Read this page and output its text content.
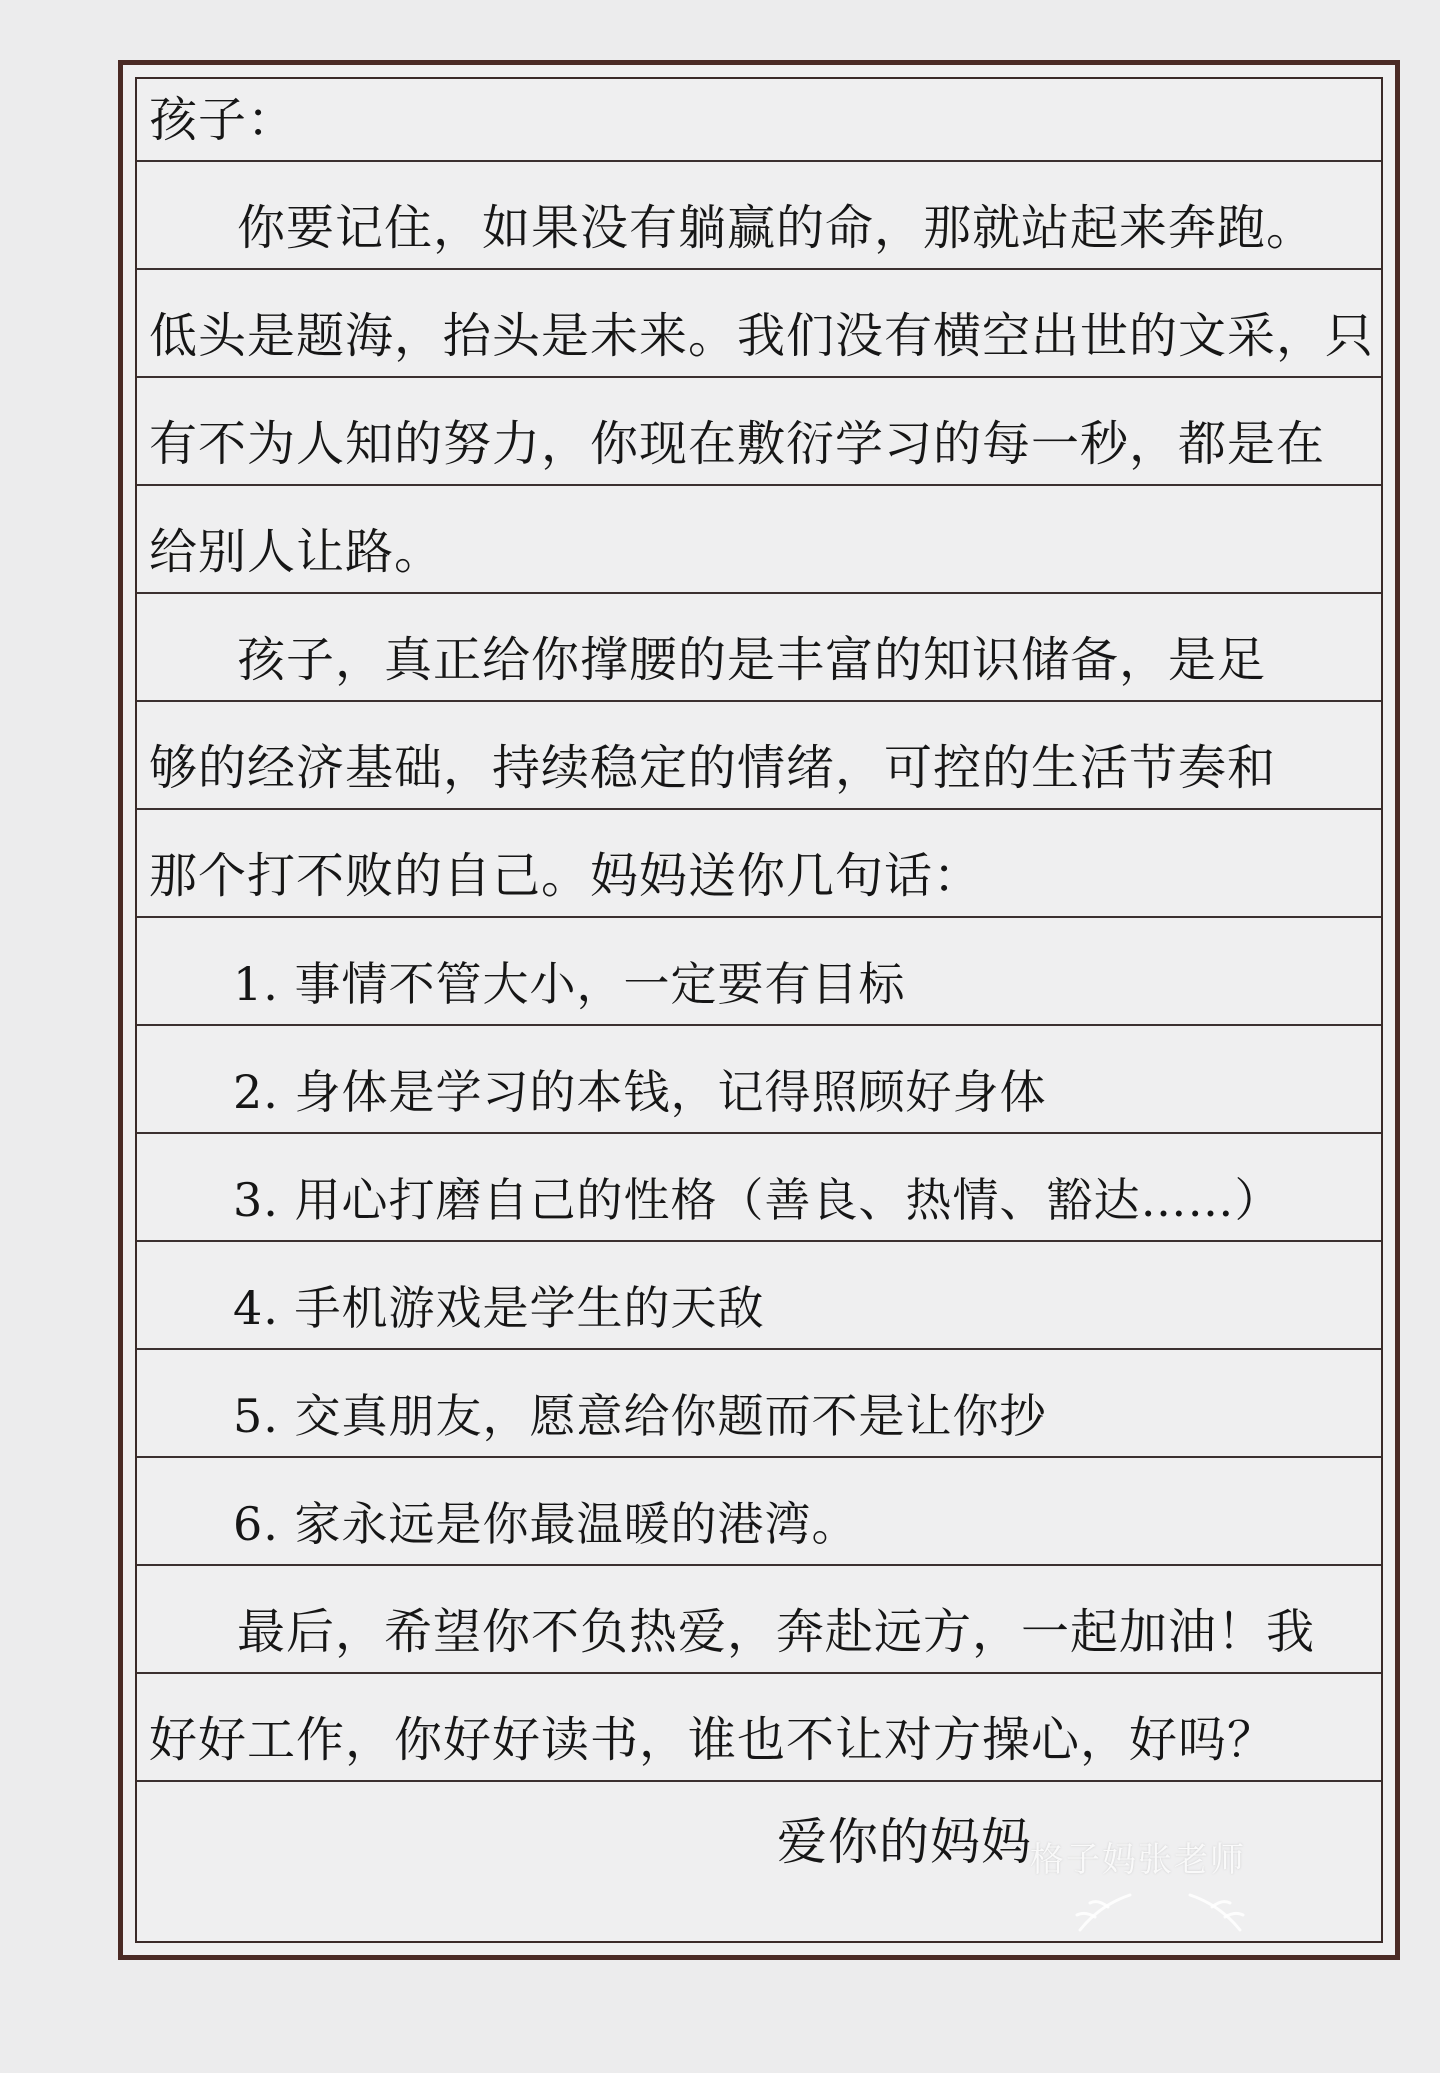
孩子：
你要记住，如果没有躺赢的命，那就站起来奔跑。
低头是题海，抬头是未来。我们没有横空出世的文采，只
有不为人知的努力，你现在敷衍学习的每一秒，都是在
给别人让路。
孩子，真正给你撑腰的是丰富的知识储备，是足
够的经济基础，持续稳定的情绪，可控的生活节奏和
那个打不败的自己。妈妈送你几句话：
1. 事情不管大小，一定要有目标
2. 身体是学习的本钱，记得照顾好身体
3. 用心打磨自己的性格（善良、热情、豁达……）
4. 手机游戏是学生的天敌
5. 交真朋友，愿意给你题而不是让你抄
6. 家永远是你最温暖的港湾。
最后，希望你不负热爱，奔赴远方，一起加油！我
好好工作，你好好读书，谁也不让对方操心，好吗？
爱你的妈妈
格子妈张老师
